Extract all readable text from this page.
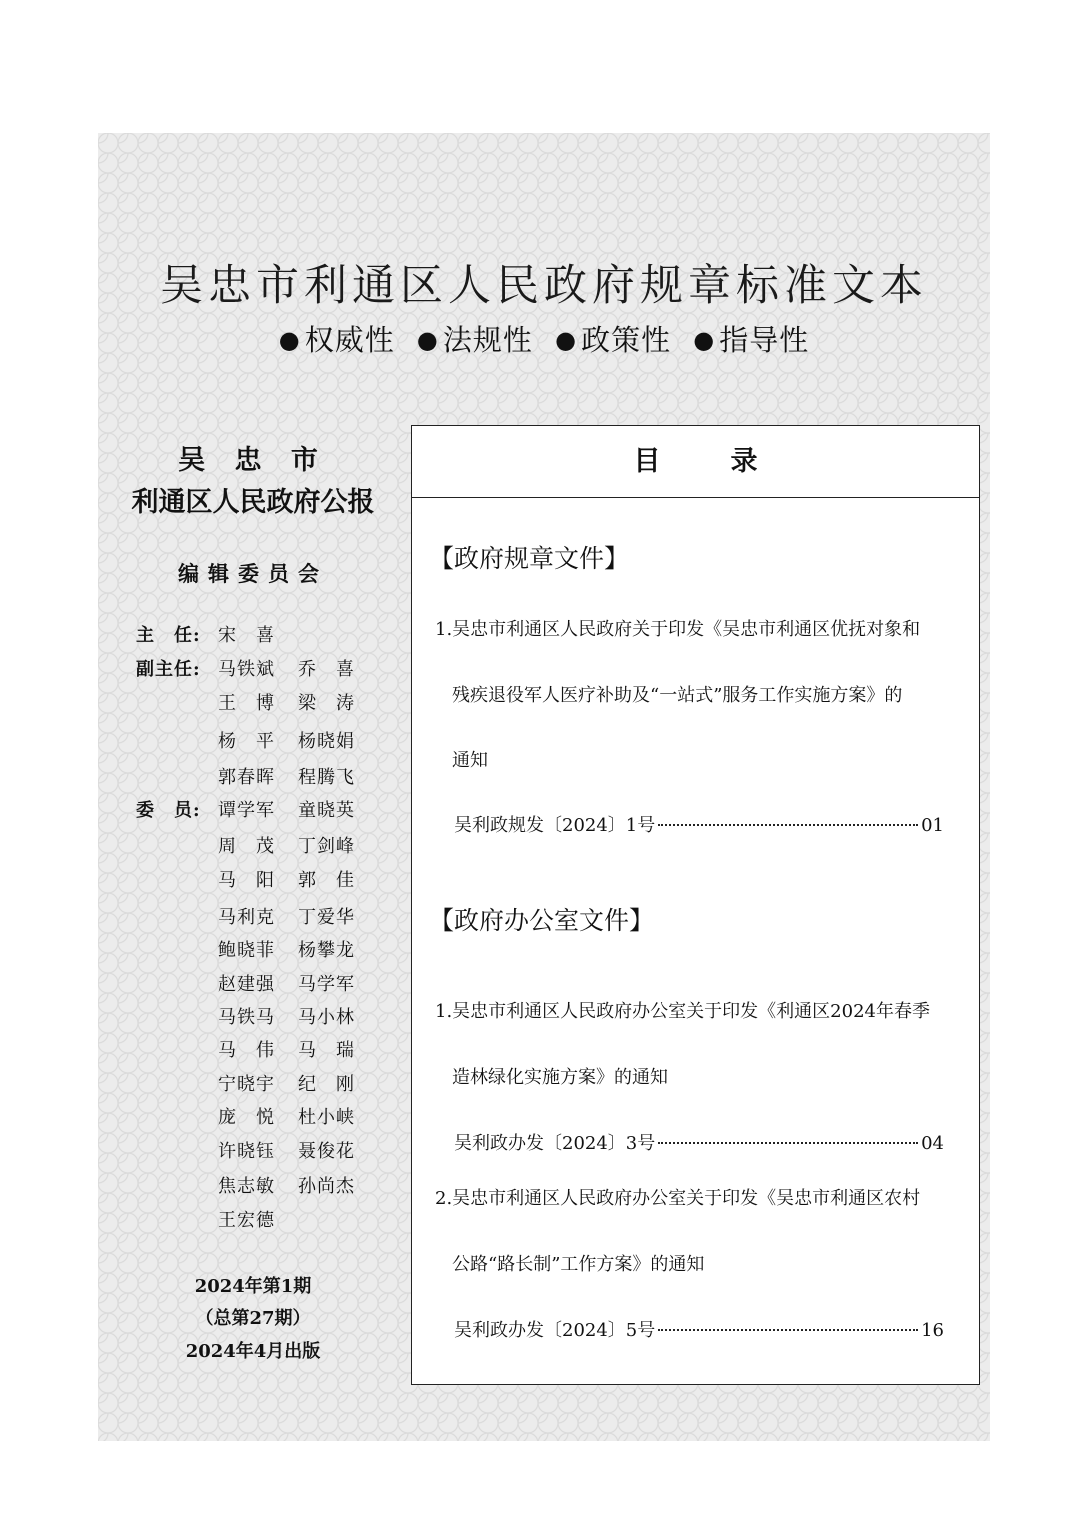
吴忠市利通区人民政府规章标准文本
● 权威性 ● 法规性 ● 政策性 ● 指导性
吴 忠 市
利通区人民政府公报
编辑委员会
主　任: 宋　喜
副主任: 马铁斌 乔　喜
王　博 梁　涛
杨　平 杨晓娟
郭春晖 程腾飞
委　员: 谭学军 童晓英
周　茂 丁剑峰
马　阳 郭　佳
马利克 丁爱华
鲍晓菲 杨攀龙
赵建强 马学军
马铁马 马小林
马　伟 马　瑞
宁晓宇 纪　刚
庞　悦 杜小峡
许晓钰 聂俊花
焦志敏 孙尚杰
王宏德
2024年第1期
（总第27期）
2024年4月出版
目录
【政府规章文件】
1.吴忠市利通区人民政府关于印发《吴忠市利通区优抚对象和
残疾退役军人医疗补助及“一站式”服务工作实施方案》的
通知
吴利政规发〔2024〕1号	01
【政府办公室文件】
1.吴忠市利通区人民政府办公室关于印发《利通区2024年春季
造林绿化实施方案》的通知
吴利政办发〔2024〕3号	04
2.吴忠市利通区人民政府办公室关于印发《吴忠市利通区农村
公路“路长制”工作方案》的通知
吴利政办发〔2024〕5号	16
